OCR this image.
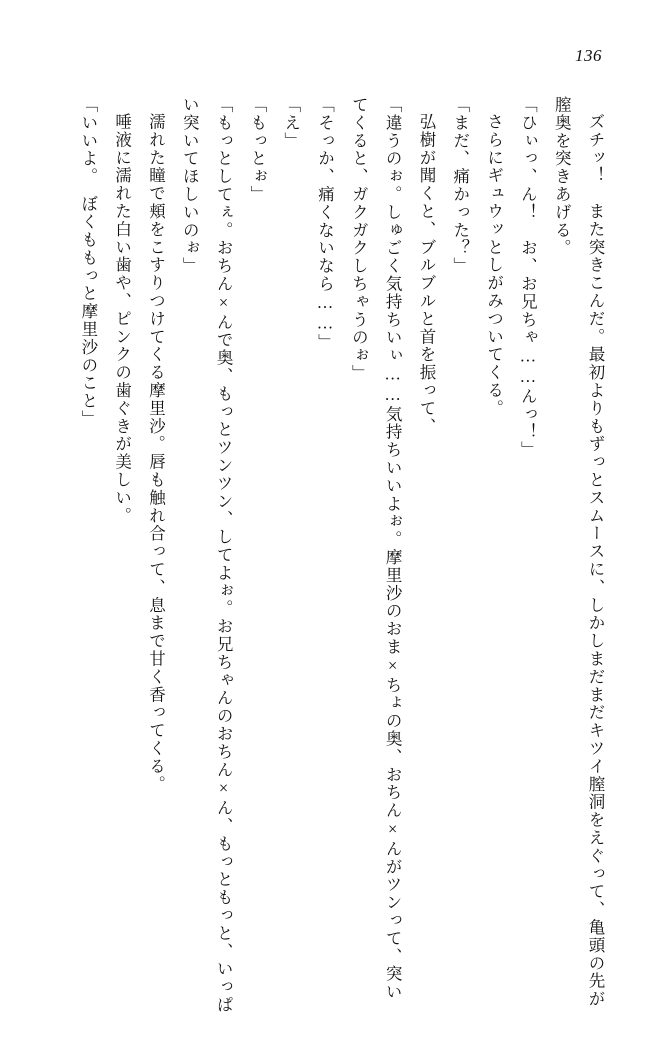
136

ズチッ！　また突きこんだ。最初よりもずっとスムースに、しかしまだまだキツイ膣洞をえぐって、亀頭の先が膣奥を突きあげる。

「ひぃっ、ん！　お、お兄ちゃ……んっ！」

さらにギュウッとしがみついてくる。

「まだ、痛かった？」

弘樹が聞くと、ブルブルと首を振って、

「違うのぉ。しゅごく気持ちいぃ……気持ちいいよぉ。摩里沙のおま×ちょの奥、おちん×んがツンって、突いてくると、ガクガクしちゃうのぉ」

「そっか、痛くないなら……」

「え」

「もっとぉ」

「もっとしてぇ。おちん×んで奥、もっとツンツン、してよぉ。お兄ちゃんのおちん×ん、もっともっと、いっぱい突いてほしいのぉ」

濡れた瞳で頬をこすりつけてくる摩里沙。唇も触れ合って、息まで甘く香ってくる。

唾液に濡れた白い歯や、ピンクの歯ぐきが美しい。

「いいよ。　ぼくももっと摩里沙のこと」
